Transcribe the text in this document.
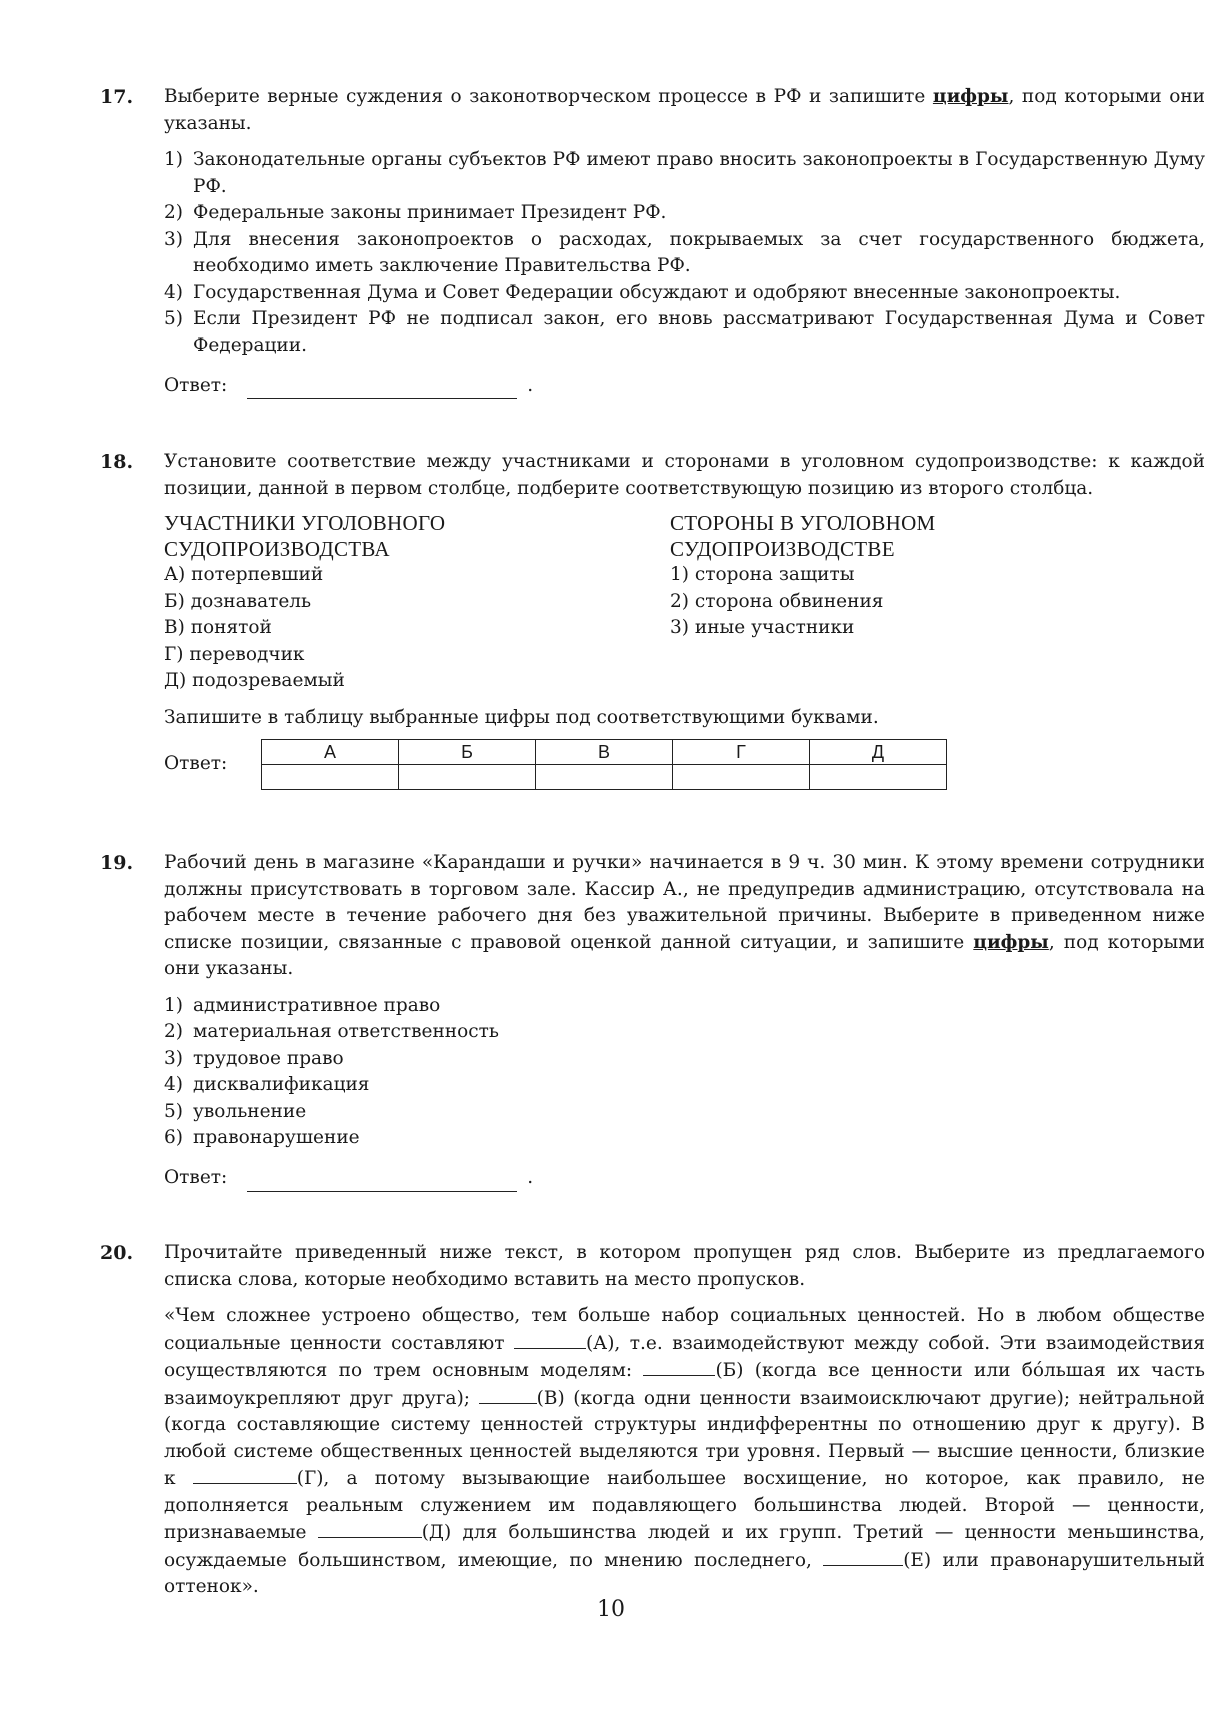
17. Выберите верные суждения о законотворческом процессе в РФ и запишите цифры, под которыми они указаны.

1) Законодательные органы субъектов РФ имеют право вносить законопроекты в Государственную Думу РФ.
2) Федеральные законы принимает Президент РФ.
3) Для внесения законопроектов о расходах, покрываемых за счет государственного бюджета, необходимо иметь заключение Правительства РФ.
4) Государственная Дума и Совет Федерации обсуждают и одобряют внесенные законопроекты.
5) Если Президент РФ не подписал закон, его вновь рассматривают Государственная Дума и Совет Федерации.
Ответ:	.
18. Установите соответствие между участниками и сторонами в уголовном судопроизводстве: к каждой позиции, данной в первом столбце, подберите соответствующую позицию из второго столбца.

УЧАСТНИКИ УГОЛОВНОГО
СУДОПРОИЗВОДСТВА
А) потерпевший
Б) дознаватель
В) понятой
Г) переводчик
Д) подозреваемый
СТОРОНЫ В УГОЛОВНОМ
СУДОПРОИЗВОДСТВЕ
1) сторона защиты
2) сторона обвинения
3) иные участники

Запишите в таблицу выбранные цифры под соответствующими буквами.

Ответ:
А	Б	В	Г	Д

19. Рабочий день в магазине «Карандаши и ручки» начинается в 9 ч. 30 мин. К этому времени сотрудники должны присутствовать в торговом зале. Кассир А., не предупредив администрацию, отсутствовала на рабочем месте в течение рабочего дня без уважительной причины. Выберите в приведенном ниже списке позиции, связанные с правовой оценкой данной ситуации, и запишите цифры, под которыми они указаны.

1) административное право
2) материальная ответственность
3) трудовое право
4) дисквалификация
5) увольнение
6) правонарушение
Ответ:	.
20. Прочитайте приведенный ниже текст, в котором пропущен ряд слов. Выберите из предлагаемого списка слова, которые необходимо вставить на место пропусков.

«Чем сложнее устроено общество, тем больше набор социальных ценностей. Но в любом обществе социальные ценности составляют	(А), т.е. взаимодействуют между собой. Эти взаимодействия осуществляются по трем основным моделям:	(Б) (когда все ценности или бо́льшая их часть взаимоукрепляют друг друга);	(В) (когда одни ценности взаимоисключают другие); нейтральной (когда составляющие систему ценностей структуры индифферентны по отношению друг к другу). В любой системе общественных ценностей выделяются три уровня. Первый — высшие ценности, близкие к	(Г), а потому вызывающие наибольшее восхищение, но которое, как правило, не дополняется реальным служением им подавляющего большинства людей. Второй — ценности, признаваемые	(Д) для большинства людей и их групп. Третий — ценности меньшинства, осуждаемые большинством, имеющие, по мнению последнего,	(Е) или правонарушительный оттенок».

10
